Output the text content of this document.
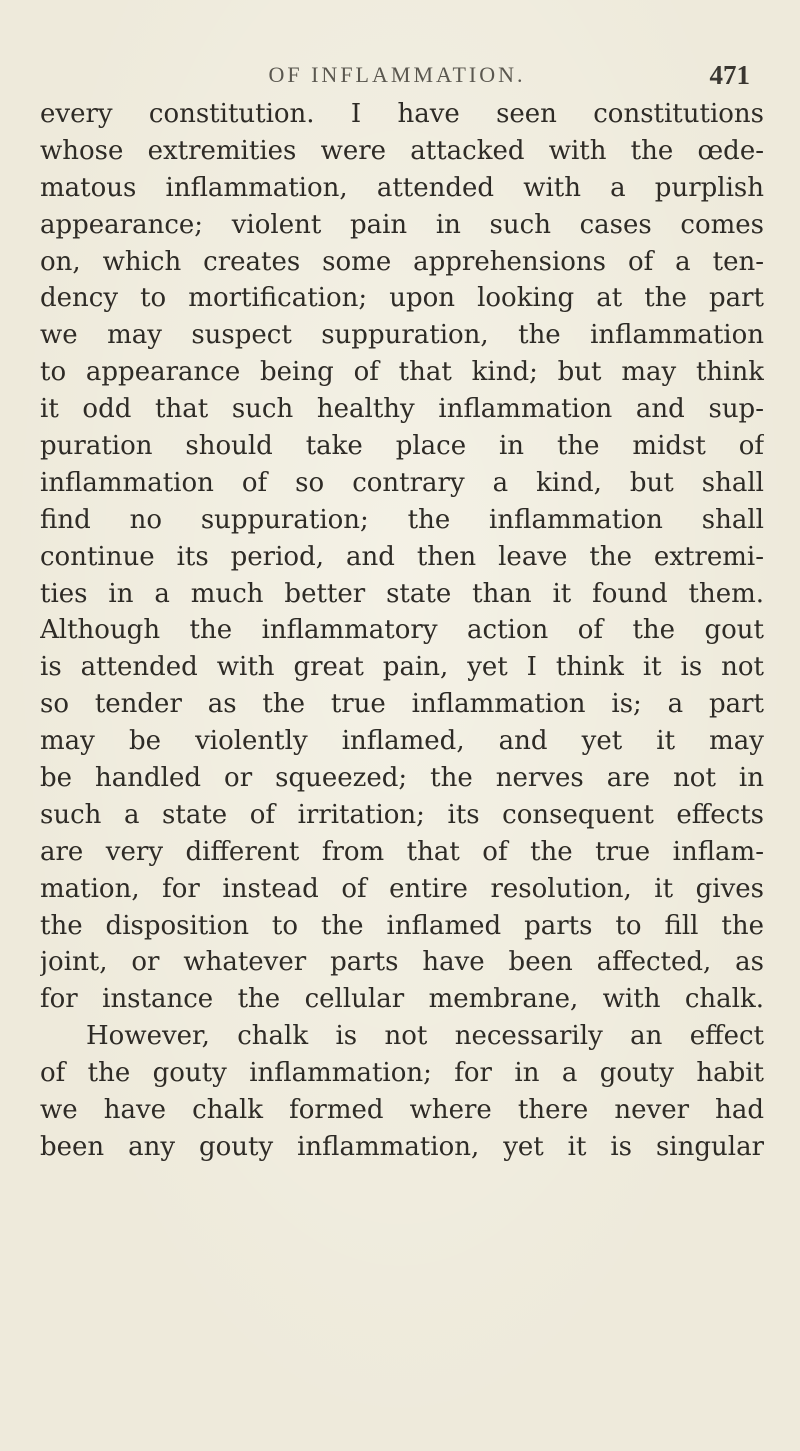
OF INFLAMMATION.	471
every constitution. I have seen constitutions
whose extremities were attacked with the œde-
matous inflammation, attended with a purplish
appearance; violent pain in such cases comes
on, which creates some apprehensions of a ten-
dency to mortification; upon looking at the part
we may suspect suppuration, the inflammation
to appearance being of that kind; but may think
it odd that such healthy inflammation and sup-
puration should take place in the midst of
inflammation of so contrary a kind, but shall
find no suppuration; the inflammation shall
continue its period, and then leave the extremi-
ties in a much better state than it found them.
Although the inflammatory action of the gout
is attended with great pain, yet I think it is not
so tender as the true inflammation is; a part
may be violently inflamed, and yet it may
be handled or squeezed; the nerves are not in
such a state of irritation; its consequent effects
are very different from that of the true inflam-
mation, for instead of entire resolution, it gives
the disposition to the inflamed parts to fill the
joint, or whatever parts have been affected, as
for instance the cellular membrane, with chalk.
However, chalk is not necessarily an effect
of the gouty inflammation; for in a gouty habit
we have chalk formed where there never had
been any gouty inflammation, yet it is singular
